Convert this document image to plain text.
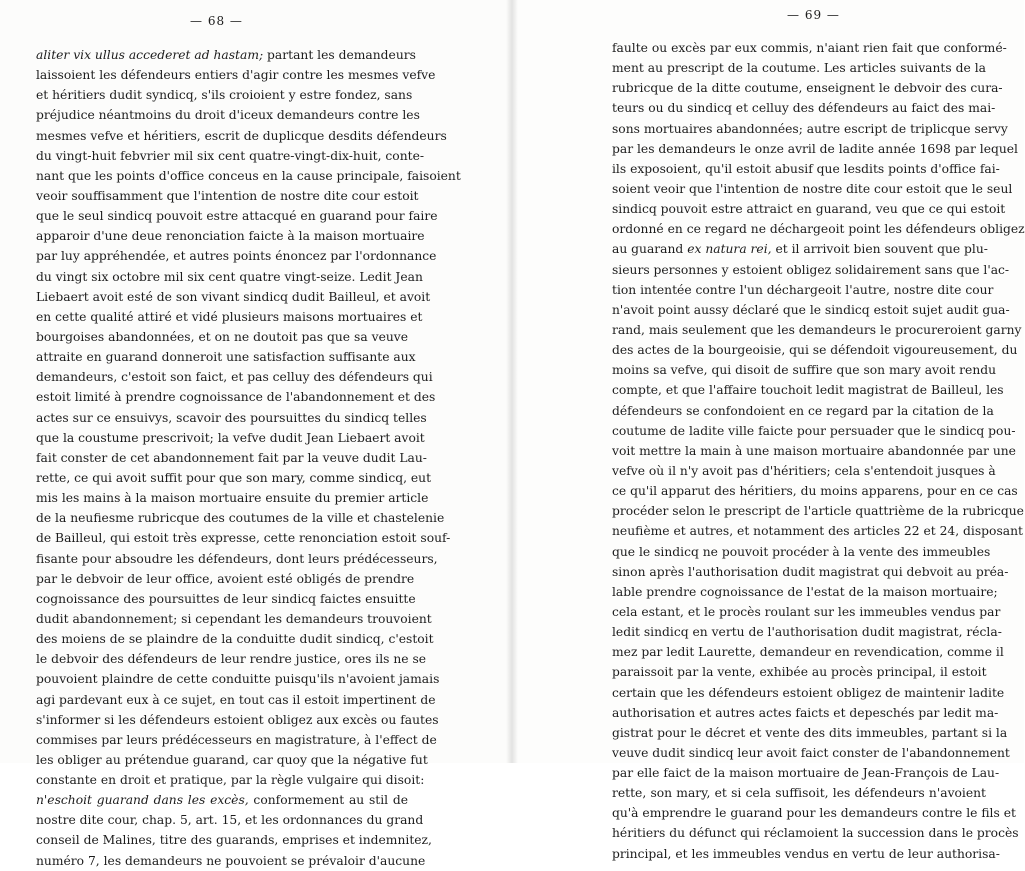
— 68 —
aliter vix ullus accederet ad hastam; partant les demandeurs
laissoient les défendeurs entiers d'agir contre les mesmes vefve
et héritiers dudit syndicq, s'ils croioient y estre fondez, sans
préjudice néantmoins du droit d'iceux demandeurs contre les
mesmes vefve et héritiers, escrit de duplicque desdits défendeurs
du vingt-huit febvrier mil six cent quatre-vingt-dix-huit, conte-
nant que les points d'office conceus en la cause principale, faisoient
veoir souffisamment que l'intention de nostre dite cour estoit
que le seul sindicq pouvoit estre attacqué en guarand pour faire
apparoir d'une deue renonciation faicte à la maison mortuaire
par luy appréhendée, et autres points énoncez par l'ordonnance
du vingt six octobre mil six cent quatre vingt-seize. Ledit Jean
Liebaert avoit esté de son vivant sindicq dudit Bailleul, et avoit
en cette qualité attiré et vidé plusieurs maisons mortuaires et
bourgoises abandonnées, et on ne doutoit pas que sa veuve
attraite en guarand donneroit une satisfaction suffisante aux
demandeurs, c'estoit son faict, et pas celluy des défendeurs qui
estoit limité à prendre cognoissance de l'abandonnement et des
actes sur ce ensuivys, scavoir des poursuittes du sindicq telles
que la coustume prescrivoit; la vefve dudit Jean Liebaert avoit
fait conster de cet abandonnement fait par la veuve dudit Lau-
rette, ce qui avoit suffit pour que son mary, comme sindicq, eut
mis les mains à la maison mortuaire ensuite du premier article
de la neufiesme rubricque des coutumes de la ville et chastelenie
de Bailleul, qui estoit très expresse, cette renonciation estoit souf-
fisante pour absoudre les défendeurs, dont leurs prédécesseurs,
par le debvoir de leur office, avoient esté obligés de prendre
cognoissance des poursuittes de leur sindicq faictes ensuitte
dudit abandonnement; si cependant les demandeurs trouvoient
des moiens de se plaindre de la conduitte dudit sindicq, c'estoit
le debvoir des défendeurs de leur rendre justice, ores ils ne se
pouvoient plaindre de cette conduitte puisqu'ils n'avoient jamais
agi pardevant eux à ce sujet, en tout cas il estoit impertinent de
s'informer si les défendeurs estoient obligez aux excès ou fautes
commises par leurs prédécesseurs en magistrature, à l'effect de
les obliger au prétendue guarand, car quoy que la négative fut
constante en droit et pratique, par la règle vulgaire qui disoit:
n'eschoit guarand dans les excès, conformement au stil de
nostre dite cour, chap. 5, art. 15, et les ordonnances du grand
conseil de Malines, titre des guarands, emprises et indemnitez,
numéro 7, les demandeurs ne pouvoient se prévaloir d'aucune
— 69 —
faulte ou excès par eux commis, n'aiant rien fait que conformé-
ment au prescript de la coutume. Les articles suivants de la
rubricque de la ditte coutume, enseignent le debvoir des cura-
teurs ou du sindicq et celluy des défendeurs au faict des mai-
sons mortuaires abandonnées; autre escript de triplicque servy
par les demandeurs le onze avril de ladite année 1698 par lequel
ils exposoient, qu'il estoit abusif que lesdits points d'office fai-
soient veoir que l'intention de nostre dite cour estoit que le seul
sindicq pouvoit estre attraict en guarand, veu que ce qui estoit
ordonné en ce regard ne déchargeoit point les défendeurs obligez
au guarand ex natura rei, et il arrivoit bien souvent que plu-
sieurs personnes y estoient obligez solidairement sans que l'ac-
tion intentée contre l'un déchargeoit l'autre, nostre dite cour
n'avoit point aussy déclaré que le sindicq estoit sujet audit gua-
rand, mais seulement que les demandeurs le procureroient garny
des actes de la bourgeoisie, qui se défendoit vigoureusement, du
moins sa vefve, qui disoit de suffire que son mary avoit rendu
compte, et que l'affaire touchoit ledit magistrat de Bailleul, les
défendeurs se confondoient en ce regard par la citation de la
coutume de ladite ville faicte pour persuader que le sindicq pou-
voit mettre la main à une maison mortuaire abandonnée par une
vefve où il n'y avoit pas d'héritiers; cela s'entendoit jusques à
ce qu'il apparut des héritiers, du moins apparens, pour en ce cas
procéder selon le prescript de l'article quattrième de la rubricque
neufième et autres, et notamment des articles 22 et 24, disposant
que le sindicq ne pouvoit procéder à la vente des immeubles
sinon après l'authorisation dudit magistrat qui debvoit au préa-
lable prendre cognoissance de l'estat de la maison mortuaire;
cela estant, et le procès roulant sur les immeubles vendus par
ledit sindicq en vertu de l'authorisation dudit magistrat, récla-
mez par ledit Laurette, demandeur en revendication, comme il
paraissoit par la vente, exhibée au procès principal, il estoit
certain que les défendeurs estoient obligez de maintenir ladite
authorisation et autres actes faicts et depeschés par ledit ma-
gistrat pour le décret et vente des dits immeubles, partant si la
veuve dudit sindicq leur avoit faict conster de l'abandonnement
par elle faict de la maison mortuaire de Jean-François de Lau-
rette, son mary, et si cela suffisoit, les défendeurs n'avoient
qu'à emprendre le guarand pour les demandeurs contre le fils et
héritiers du défunct qui réclamoient la succession dans le procès
principal, et les immeubles vendus en vertu de leur authorisa-
